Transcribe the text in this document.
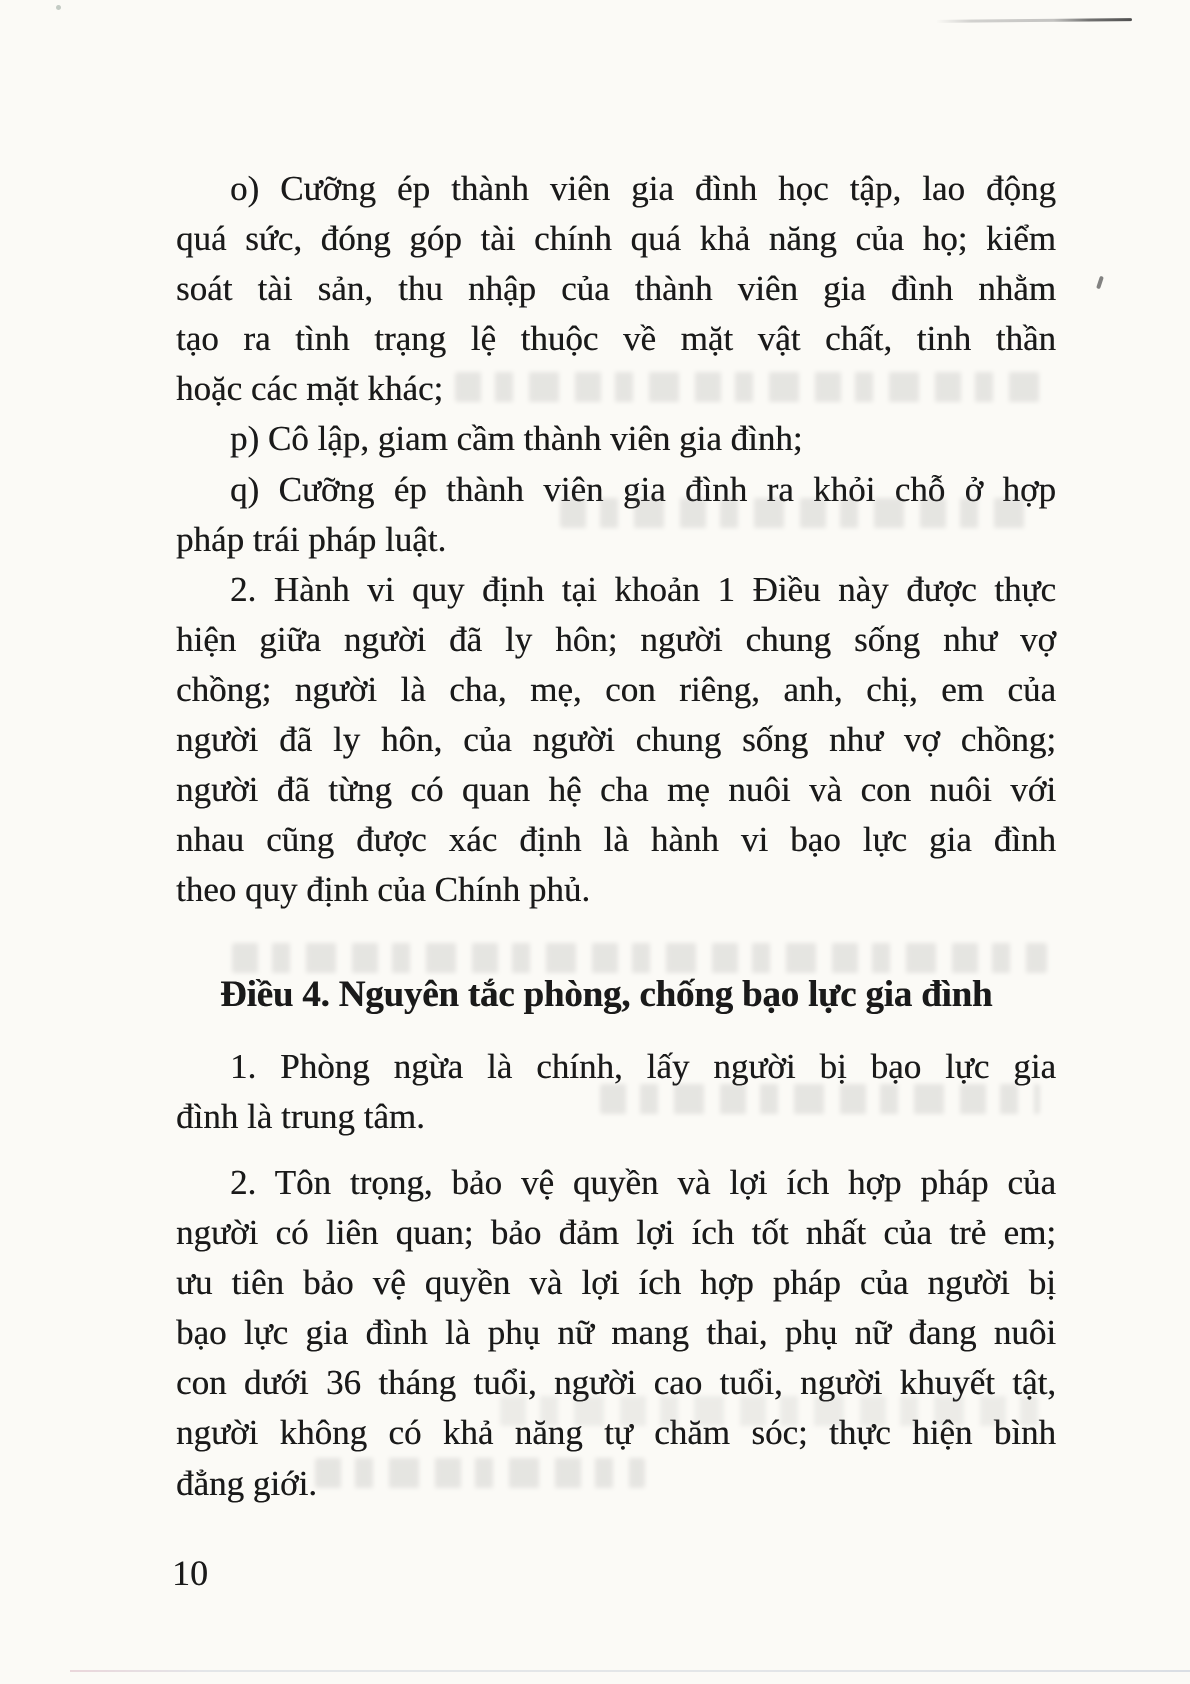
o) Cưỡng ép thành viên gia đình học tập, lao động
quá sức, đóng góp tài chính quá khả năng của họ; kiểm
soát tài sản, thu nhập của thành viên gia đình nhằm
tạo ra tình trạng lệ thuộc về mặt vật chất, tinh thần
hoặc các mặt khác;
p) Cô lập, giam cầm thành viên gia đình;
q) Cưỡng ép thành viên gia đình ra khỏi chỗ ở hợp
pháp trái pháp luật.
2. Hành vi quy định tại khoản 1 Điều này được thực
hiện giữa người đã ly hôn; người chung sống như vợ
chồng; người là cha, mẹ, con riêng, anh, chị, em của
người đã ly hôn, của người chung sống như vợ chồng;
người đã từng có quan hệ cha mẹ nuôi và con nuôi với
nhau cũng được xác định là hành vi bạo lực gia đình
theo quy định của Chính phủ.
Điều 4. Nguyên tắc phòng, chống bạo lực gia đình
1. Phòng ngừa là chính, lấy người bị bạo lực gia
đình là trung tâm.
2. Tôn trọng, bảo vệ quyền và lợi ích hợp pháp của
người có liên quan; bảo đảm lợi ích tốt nhất của trẻ em;
ưu tiên bảo vệ quyền và lợi ích hợp pháp của người bị
bạo lực gia đình là phụ nữ mang thai, phụ nữ đang nuôi
con dưới 36 tháng tuổi, người cao tuổi, người khuyết tật,
người không có khả năng tự chăm sóc; thực hiện bình
đẳng giới.
10
